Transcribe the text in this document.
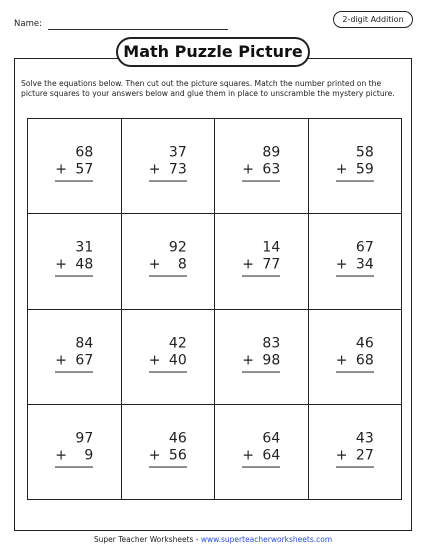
Name:	2-digit Addition
Math Puzzle Picture
Solve the equations below. Then cut out the picture squares. Match the number printed on the picture squares to your answers below and glue them in place to unscramble the mystery picture.
68
+ 57
37
+ 73
89
+ 63
58
+ 59
31
+ 48
92
+ 8
14
+ 77
67
+ 34
84
+ 67
42
+ 40
83
+ 98
46
+ 68
97
+ 9
46
+ 56
64
+ 64
43
+ 27
Super Teacher Worksheets - www.superteacherworksheets.com
